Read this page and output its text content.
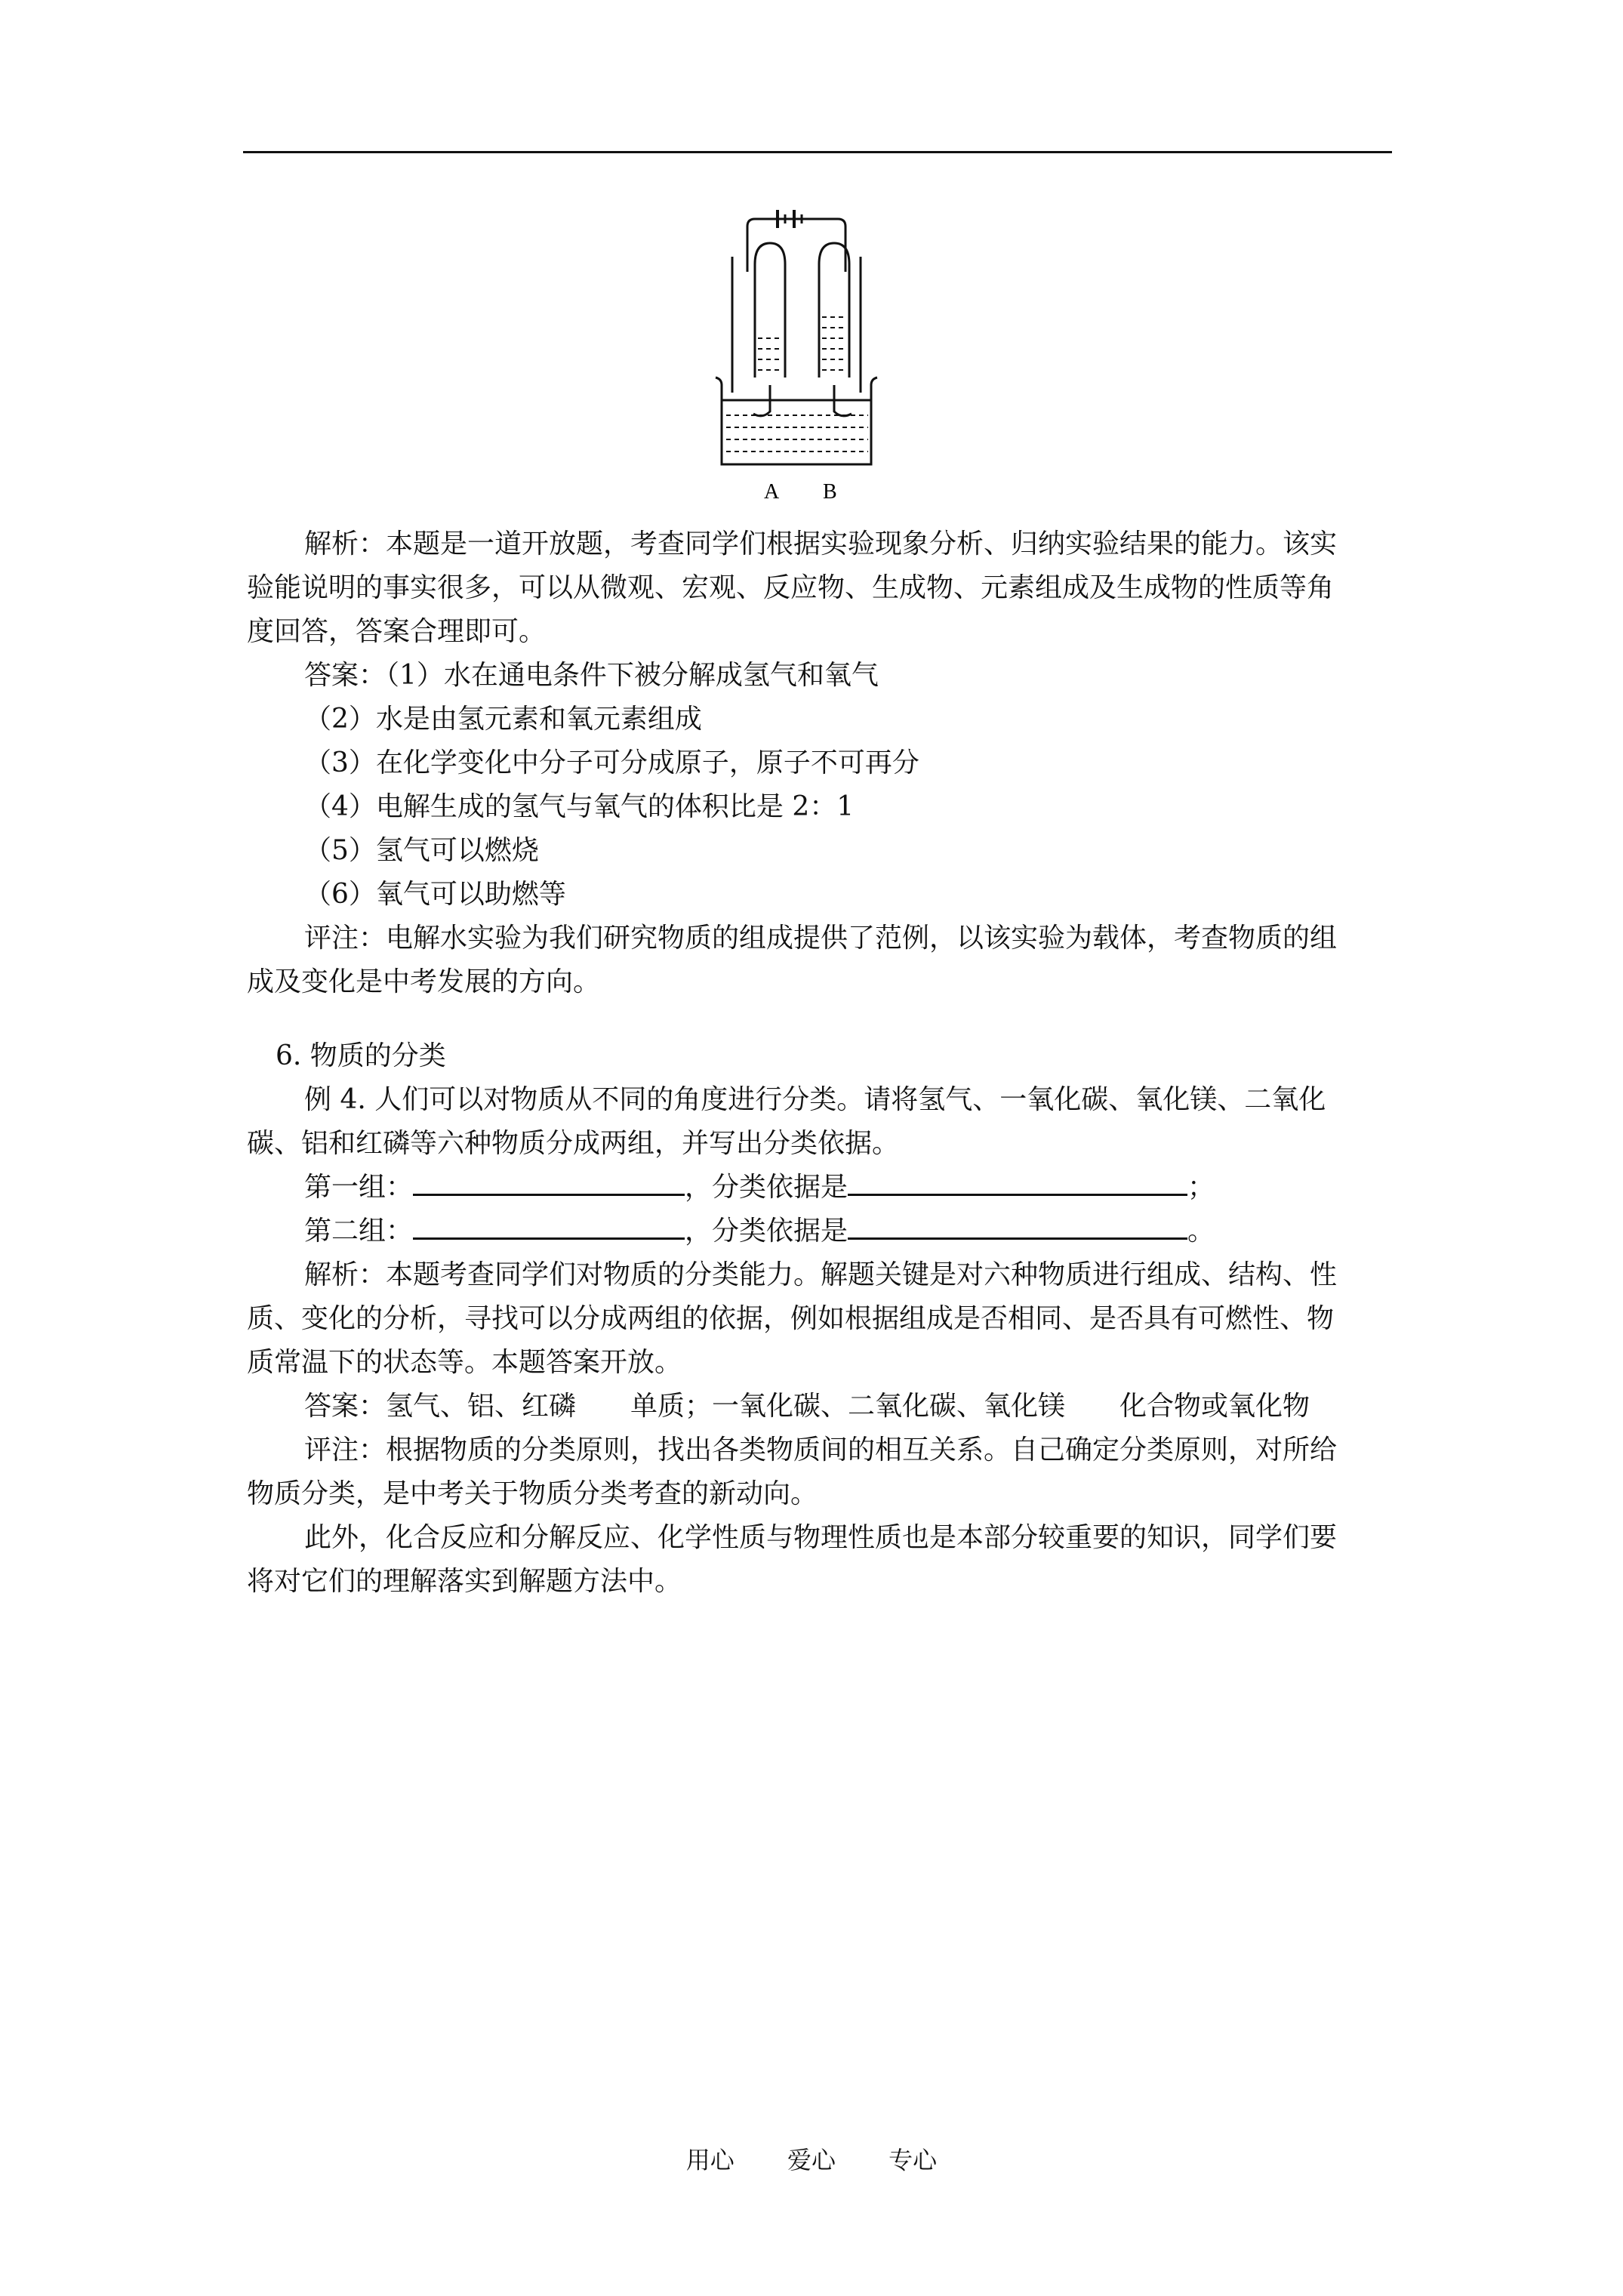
A B

解析：本题是一道开放题，考查同学们根据实验现象分析、归纳实验结果的能力。该实

验能说明的事实很多，可以从微观、宏观、反应物、生成物、元素组成及生成物的性质等角

度回答，答案合理即可。

答案：（1）水在通电条件下被分解成氢气和氧气

（2）水是由氢元素和氧元素组成

（3）在化学变化中分子可分成原子，原子不可再分

（4）电解生成的氢气与氧气的体积比是 2：1

（5）氢气可以燃烧

（6）氧气可以助燃等

评注：电解水实验为我们研究物质的组成提供了范例，以该实验为载体，考查物质的组

成及变化是中考发展的方向。

6. 物质的分类

例 4. 人们可以对物质从不同的角度进行分类。请将氢气、一氧化碳、氧化镁、二氧化

碳、铝和红磷等六种物质分成两组，并写出分类依据。

第一组：	，分类依据是	；

第二组：	，分类依据是	。

解析：本题考查同学们对物质的分类能力。解题关键是对六种物质进行组成、结构、性

质、变化的分析，寻找可以分成两组的依据，例如根据组成是否相同、是否具有可燃性、物

质常温下的状态等。本题答案开放。

答案：氢气、铝、红磷 单质；一氧化碳、二氧化碳、氧化镁 化合物或氧化物

评注：根据物质的分类原则，找出各类物质间的相互关系。自己确定分类原则，对所给

物质分类，是中考关于物质分类考查的新动向。

此外，化合反应和分解反应、化学性质与物理性质也是本部分较重要的知识，同学们要

将对它们的理解落实到解题方法中。

用心 爱心 专心
